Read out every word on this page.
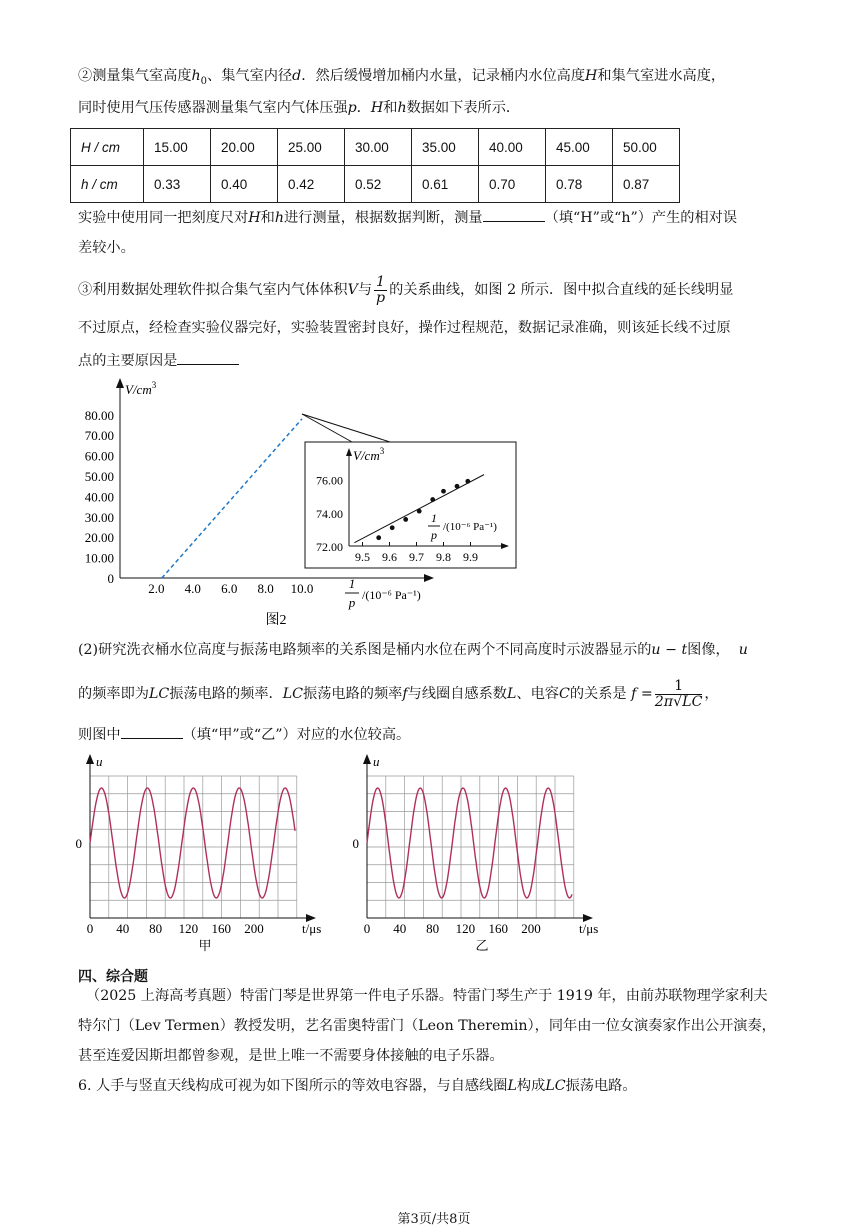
②测量集气室高度$h_0$、集气室内径d．然后缓慢增加桶内水量，记录桶内水位高度H和集气室进水高度，
同时使用气压传感器测量集气室内气体压强p．H和h数据如下表所示．
H / cm	15.00	20.00	25.00	30.00	35.00	40.00	45.00	50.00
h / cm	0.33	0.40	0.42	0.52	0.61	0.70	0.78	0.87
实验中使用同一把刻度尺对H和h进行测量，根据数据判断，测量	（填“H”或“h”）产生的相对误
差较小。
③利用数据处理软件拟合集气室内气体体积V与 $\frac{1}{p}$ 的关系曲线，如图 2 所示．图中拟合直线的延长线明显
不过原点，经检查实验仪器完好，实验装置密封良好，操作过程规范，数据记录准确，则该延长线不过原
点的主要原因是
$V/cm^3$
80.00
70.00
60.00
50.00
40.00
30.00
20.00
10.00
0
2.0 4.0 6.0 8.0 10.0	1
p /(10⁻⁶ Pa⁻¹)
图2
$V/cm^3$
76.00
74.00
72.00
9.5 9.6 9.7 9.8 9.9
1
p
/(10⁻⁶ Pa⁻¹)
u
0
0 40 80 120 160 200	t/μs
甲
u
0
0 40 80 120 160 200	t/μs
乙
(2)研究洗衣桶水位高度与振荡电路频率的关系图是桶内水位在两个不同高度时示波器显示的u − t图像， u
的频率即为LC振荡电路的频率．LC振荡电路的频率f与线圈自感系数L、电容C的关系是 $f = \frac{1}{2\pi√LC}$ ，
则图中	（填“甲”或“乙”）对应的水位较高。
四、综合题
（2025 上海高考真题）特雷门琴是世界第一件电子乐器。特雷门琴生产于 1919 年，由前苏联物理学家利夫
特尔门（Lev Termen）教授发明，艺名雷奥特雷门（Leon Theremin），同年由一位女演奏家作出公开演奏，
甚至连爱因斯坦都曾参观，是世上唯一不需要身体接触的电子乐器。
6. 人手与竖直天线构成可视为如下图所示的等效电容器，与自感线圈L构成LC振荡电路。
第3页/共8页
